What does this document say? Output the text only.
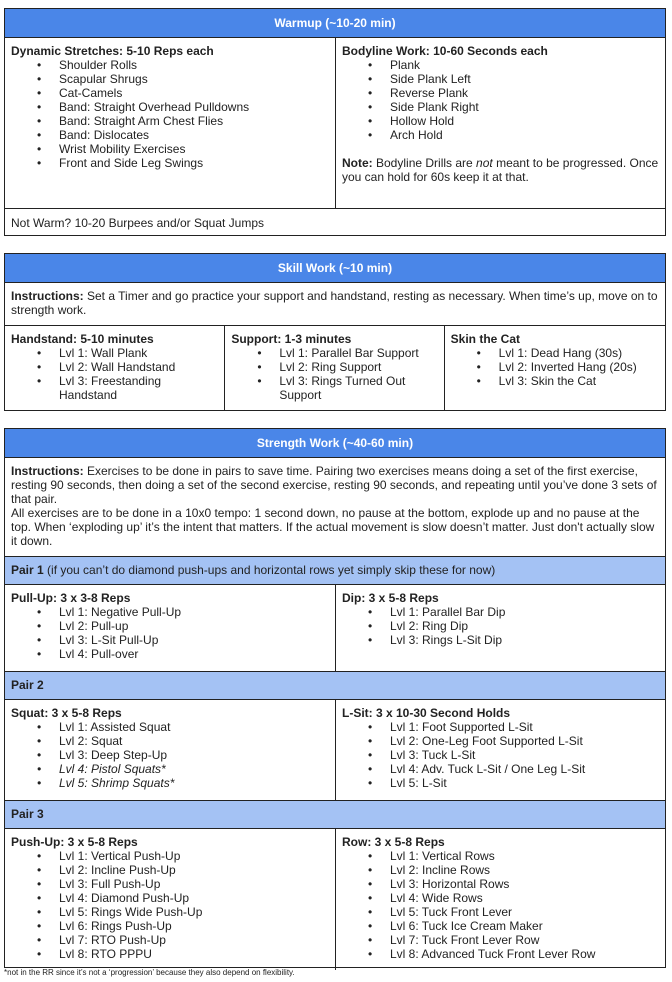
Warmup (~10-20 min)
Dynamic Stretches: 5-10 Reps each
• Shoulder Rolls
• Scapular Shrugs
• Cat-Camels
• Band: Straight Overhead Pulldowns
• Band: Straight Arm Chest Flies
• Band: Dislocates
• Wrist Mobility Exercises
• Front and Side Leg Swings
Bodyline Work: 10-60 Seconds each
• Plank
• Side Plank Left
• Reverse Plank
• Side Plank Right
• Hollow Hold
• Arch Hold
Note: Bodyline Drills are not meant to be progressed. Once you can hold for 60s keep it at that.
Not Warm? 10-20 Burpees and/or Squat Jumps
Skill Work (~10 min)
Instructions: Set a Timer and go practice your support and handstand, resting as necessary. When time’s up, move on to strength work.
Handstand: 5-10 minutes
• Lvl 1: Wall Plank
• Lvl 2: Wall Handstand
• Lvl 3: Freestanding Handstand
Support: 1-3 minutes
• Lvl 1: Parallel Bar Support
• Lvl 2: Ring Support
• Lvl 3: Rings Turned Out Support
Skin the Cat
• Lvl 1: Dead Hang (30s)
• Lvl 2: Inverted Hang (20s)
• Lvl 3: Skin the Cat
Strength Work (~40-60 min)
Instructions: Exercises to be done in pairs to save time. Pairing two exercises means doing a set of the first exercise, resting 90 seconds, then doing a set of the second exercise, resting 90 seconds, and repeating until you’ve done 3 sets of that pair.
All exercises are to be done in a 10x0 tempo: 1 second down, no pause at the bottom, explode up and no pause at the top. When ‘exploding up’ it’s the intent that matters. If the actual movement is slow doesn’t matter. Just don't actually slow it down.
Pair 1 (if you can’t do diamond push-ups and horizontal rows yet simply skip these for now)
Pull-Up: 3 x 3-8 Reps
• Lvl 1: Negative Pull-Up
• Lvl 2: Pull-up
• Lvl 3: L-Sit Pull-Up
• Lvl 4: Pull-over
Dip: 3 x 5-8 Reps
• Lvl 1: Parallel Bar Dip
• Lvl 2: Ring Dip
• Lvl 3: Rings L-Sit Dip
Pair 2
Squat: 3 x 5-8 Reps
• Lvl 1: Assisted Squat
• Lvl 2: Squat
• Lvl 3: Deep Step-Up
• Lvl 4: Pistol Squats*
• Lvl 5: Shrimp Squats*
L-Sit: 3 x 10-30 Second Holds
• Lvl 1: Foot Supported L-Sit
• Lvl 2: One-Leg Foot Supported L-Sit
• Lvl 3: Tuck L-Sit
• Lvl 4: Adv. Tuck L-Sit / One Leg L-Sit
• Lvl 5: L-Sit
Pair 3
Push-Up: 3 x 5-8 Reps
• Lvl 1: Vertical Push-Up
• Lvl 2: Incline Push-Up
• Lvl 3: Full Push-Up
• Lvl 4: Diamond Push-Up
• Lvl 5: Rings Wide Push-Up
• Lvl 6: Rings Push-Up
• Lvl 7: RTO Push-Up
• Lvl 8: RTO PPPU
Row: 3 x 5-8 Reps
• Lvl 1: Vertical Rows
• Lvl 2: Incline Rows
• Lvl 3: Horizontal Rows
• Lvl 4: Wide Rows
• Lvl 5: Tuck Front Lever
• Lvl 6: Tuck Ice Cream Maker
• Lvl 7: Tuck Front Lever Row
• Lvl 8: Advanced Tuck Front Lever Row
*not in the RR since it’s not a ‘progression’ because they also depend on flexibility.
